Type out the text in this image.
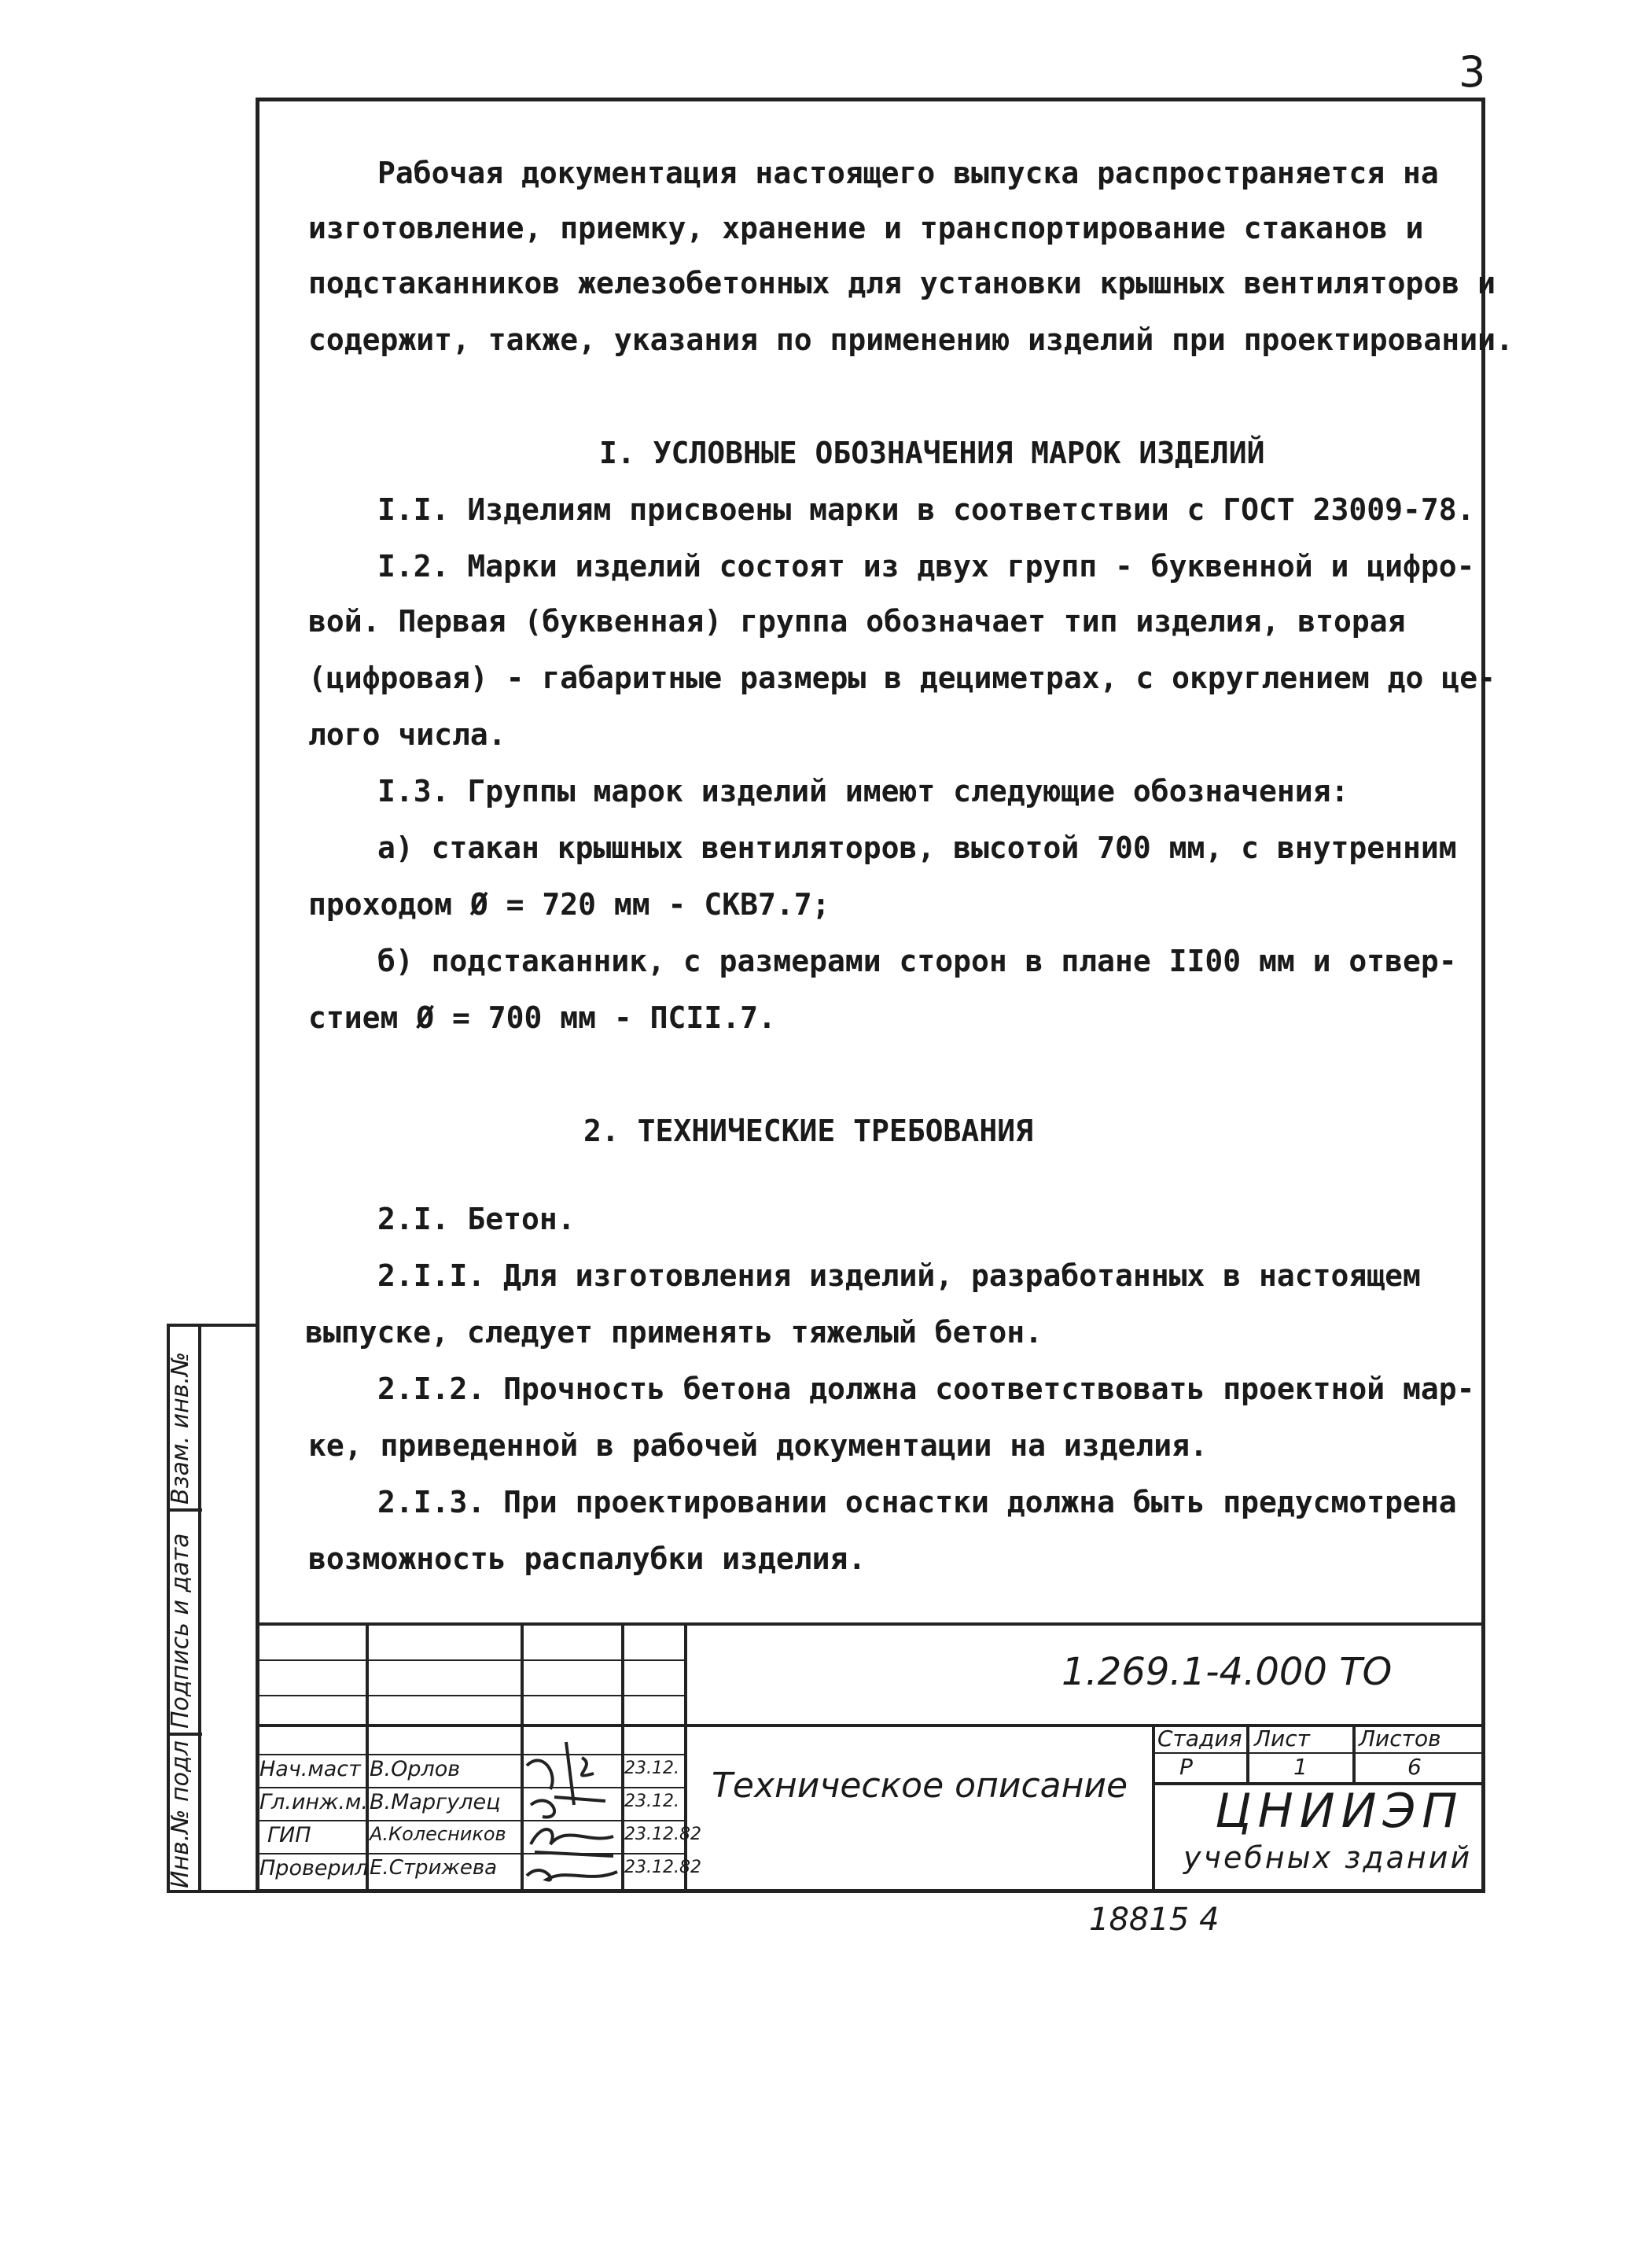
3
Рабочая документация настоящего выпуска распространяется на
изготовление, приемку, хранение и транспортирование стаканов и
подстаканников железобетонных для установки крышных вентиляторов и
содержит, также, указания по применению изделий при проектировании.
I. УСЛОВНЫЕ ОБОЗНАЧЕНИЯ МАРОК ИЗДЕЛИЙ
I.I. Изделиям присвоены марки в соответствии с ГОСТ 23009-78.
I.2. Марки изделий состоят из двух групп - буквенной и цифро-
вой. Первая (буквенная) группа обозначает тип изделия, вторая
(цифровая) - габаритные размеры в дециметрах, с округлением до це-
лого числа.
I.3. Группы марок изделий имеют следующие обозначения:
а) стакан крышных вентиляторов, высотой 700 мм, с внутренним
проходом Ø = 720 мм - СКВ7.7;
б) подстаканник, с размерами сторон в плане II00 мм и отвер-
стием Ø = 700 мм - ПСII.7.
2. ТЕХНИЧЕСКИЕ ТРЕБОВАНИЯ
2.I. Бетон.
2.I.I. Для изготовления изделий, разработанных в настоящем
выпуске, следует применять тяжелый бетон.
2.I.2. Прочность бетона должна соответствовать проектной мар-
ке, приведенной в рабочей документации на изделия.
2.I.3. При проектировании оснастки должна быть предусмотрена
возможность распалубки изделия.
Взам. инв.№
Подпись и дата
Инв.№ подл
1.269.1-4.000 ТО
Техническое описание
Стадия Лист Листов
Р	1	6
ЦНИИЭП
учебных зданий
Нач.маст
Гл.инж.м.
ГИП
Проверил
В.Орлов
В.Маргулец
А.Колесников
Е.Стрижева
23.12.
23.12.
23.12.82
23.12.82
18815 4
